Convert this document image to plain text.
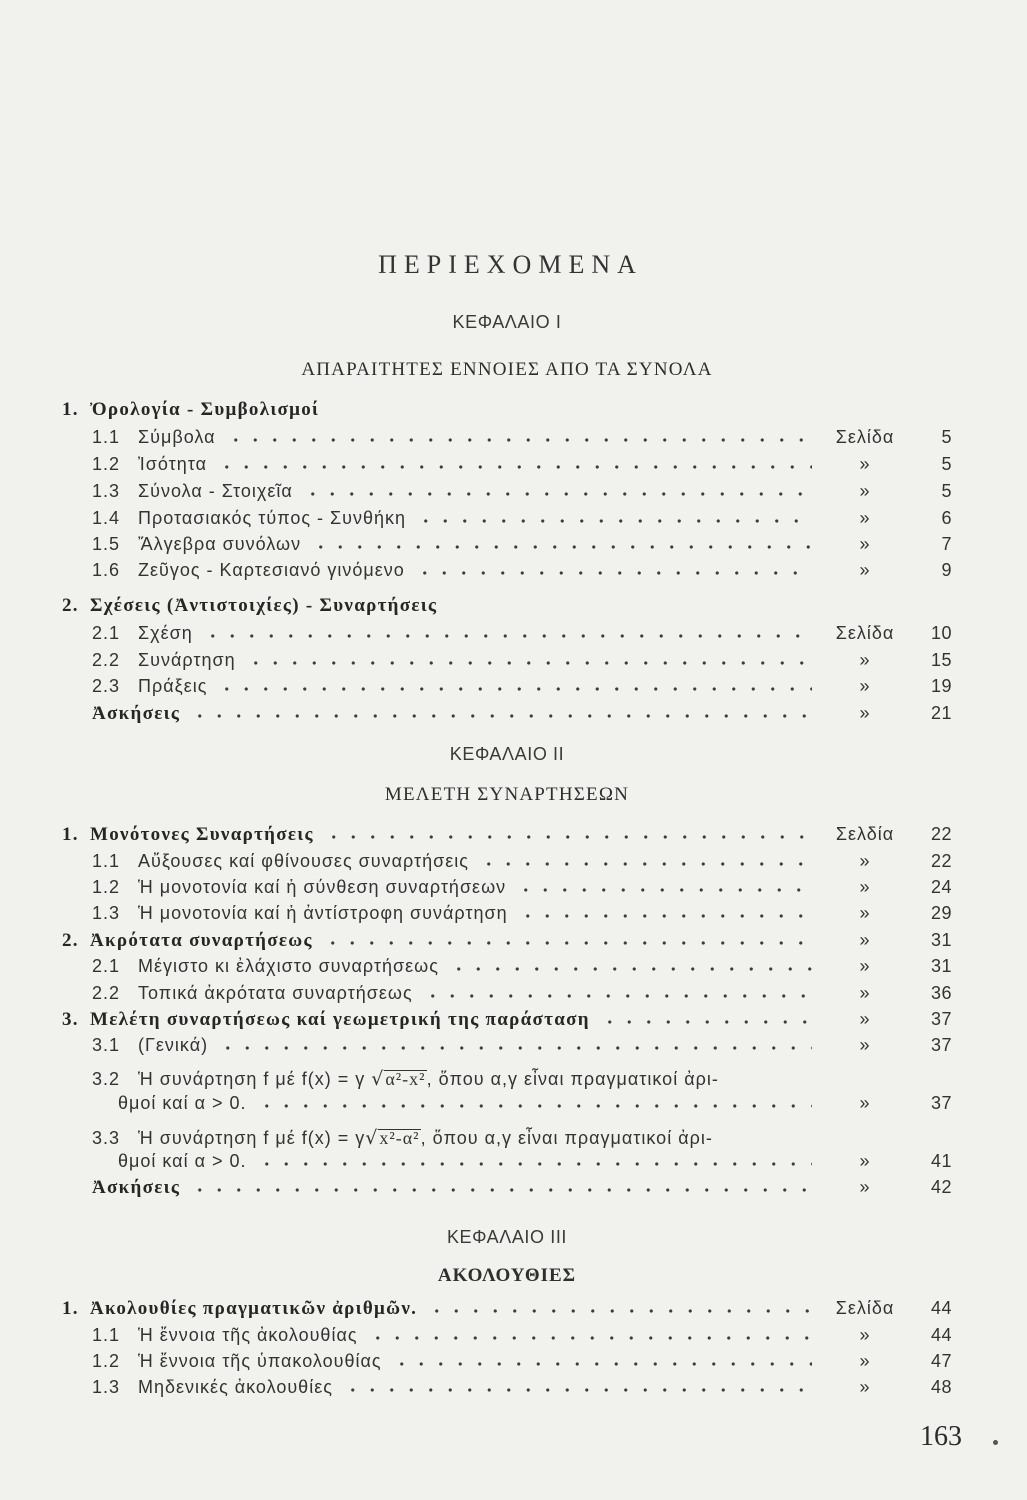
ΠΕΡΙΕΧΟΜΕΝΑ
ΚΕΦΑΛΑΙΟ Ι
ΑΠΑΡΑΙΤΗΤΕΣ ΕΝΝΟΙΕΣ ΑΠΟ ΤΑ ΣΥΝΟΛΑ
1. Ὀρολογία - Συμβολισμοί
1.1 Σύμβολα	Σελίδα	5
1.2 Ἰσότητα	»	5
1.3 Σύνολα - Στοιχεῖα	»	5
1.4 Προτασιακός τύπος - Συνθήκη	»	6
1.5 Ἄλγεβρα συνόλων	»	7
1.6 Ζεῦγος - Καρτεσιανό γινόμενο	»	9
2. Σχέσεις (Ἀντιστοιχίες) - Συναρτήσεις
2.1 Σχέση	Σελίδα	10
2.2 Συνάρτηση	»	15
2.3 Πράξεις	»	19
Ἀσκήσεις	»	21
ΚΕΦΑΛΑΙΟ ΙΙ
ΜΕΛΕΤΗ ΣΥΝΑΡΤΗΣΕΩΝ
1. Μονότονες Συναρτήσεις	Σελδία	22
1.1 Αὔξουσες καί φθίνουσες συναρτήσεις	»	22
1.2 Ἡ μονοτονία καί ἡ σύνθεση συναρτήσεων	»	24
1.3 Ἡ μονοτονία καί ἡ ἀντίστροφη συνάρτηση	»	29
2. Ἀκρότατα συναρτήσεως	»	31
2.1 Μέγιστο κι ἐλάχιστο συναρτήσεως	»	31
2.2 Τοπικά ἀκρότατα συναρτήσεως	»	36
3. Μελέτη συναρτήσεως καί γεωμετρική της παράσταση	»	37
3.1 (Γενικά)	»	37
3.2 Ἡ συνάρτηση f μέ f(x) = γ √α²-x², ὅπου α,γ εἶναι πραγματικοί ἀρι-
θμοί καί α > 0.	»	37
3.3 Ἡ συνάρτηση f μέ f(x) = γ√x²-α², ὅπου α,γ εἶναι πραγματικοί ἀρι-
θμοί καί α > 0.	»	41
Ἀσκήσεις	»	42
ΚΕΦΑΛΑΙΟ ΙΙΙ
ΑΚΟΛΟΥΘΙΕΣ
1. Ἀκολουθίες πραγματικῶν ἀριθμῶν.	Σελίδα	44
1.1 Ἡ ἔννοια τῆς ἀκολουθίας	»	44
1.2 Ἡ ἔννοια τῆς ὑπακολουθίας	»	47
1.3 Μηδενικές ἀκολουθίες	»	48
163
